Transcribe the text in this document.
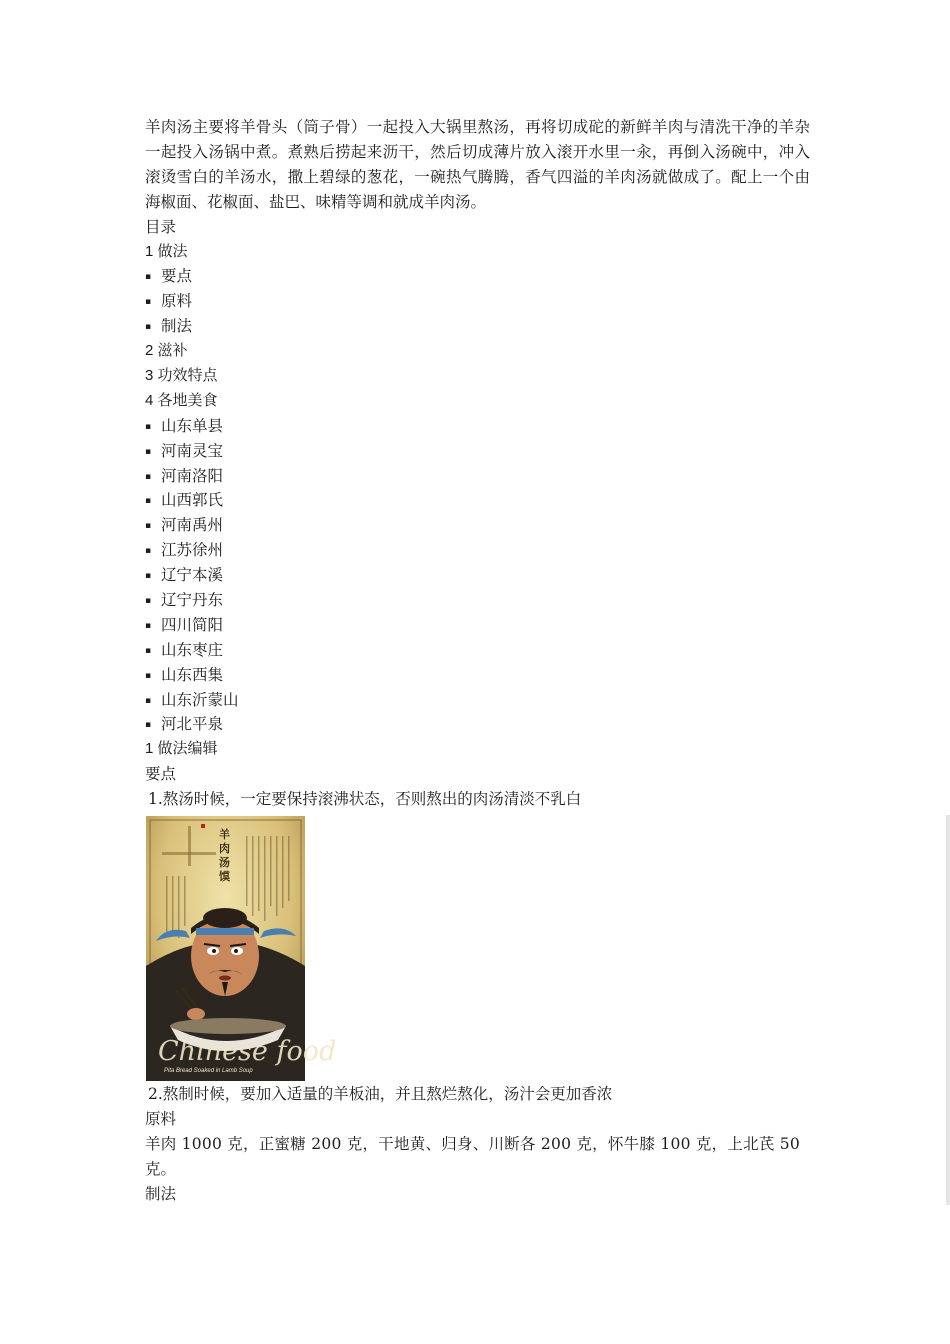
羊肉汤主要将羊骨头（筒子骨）一起投入大锅里熬汤，再将切成砣的新鲜羊肉与清洗干净的羊杂一起投入汤锅中煮。煮熟后捞起来沥干，然后切成薄片放入滚开水里一汆，再倒入汤碗中，冲入滚烫雪白的羊汤水，撒上碧绿的葱花，一碗热气腾腾，香气四溢的羊肉汤就做成了。配上一个由海椒面、花椒面、盐巴、味精等调和就成羊肉汤。

目录

1 做法

▪ 要点

▪ 原料

▪ 制法

2 滋补

3 功效特点

4 各地美食

▪ 山东单县

▪ 河南灵宝

▪ 河南洛阳

▪ 山西郭氏

▪ 河南禹州

▪ 江苏徐州

▪ 辽宁本溪

▪ 辽宁丹东

▪ 四川简阳

▪ 山东枣庄

▪ 山东西集

▪ 山东沂蒙山

▪ 河北平泉

1 做法编辑

要点

1.熬汤时候，一定要保持滚沸状态，否则熬出的肉汤清淡不乳白

羊
肉
汤
馍
Chinese food
Pita Bread Soaked in Lamb Soup

2.熬制时候，要加入适量的羊板油，并且熬烂熬化，汤汁会更加香浓

原料

羊肉 1000 克，正蜜糖 200 克，干地黄、归身、川断各 200 克，怀牛膝 100 克，上北芪 50

克。

制法
